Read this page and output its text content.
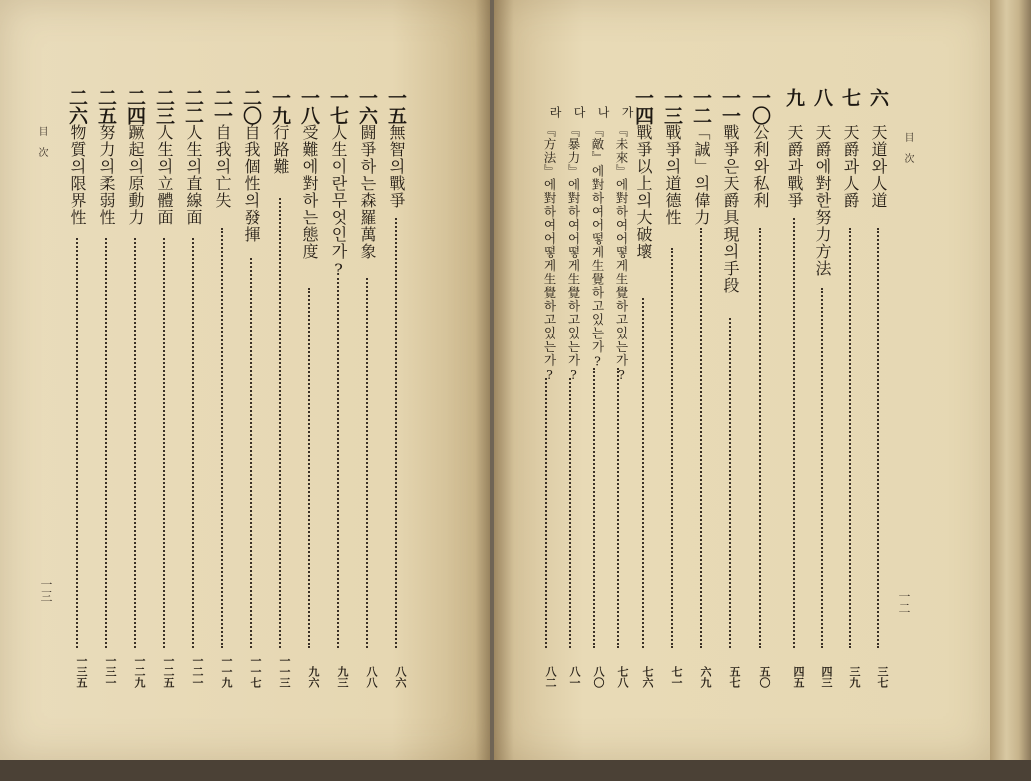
目 次
一三
一五
無智의戰爭
八六
一六
闘爭하는森羅萬象
八八
一七
人生이란무엇인가?
九三
一八
受難에對하는態度
九六
一九
行路難
一一三
二〇
自我個性의發揮
一一七
二一
自我의亡失
一一九
二二
人生의直線面
一二一
二三
人生의立體面
一二五
二四
蹶起의原動力
一二九
二五
努力의柔弱性
一三一
二六
物質의限界性
一三五
目 次
一二
六
天道와人道
三七
七
天爵과人爵
三九
八
天爵에對한努力方法
四三
九
天爵과戰爭
四五
一〇
公利와私利
五〇
一一
戰爭은天爵具現의手段
五七
一二
「誠」의偉力
六九
一三
戰爭의道德性
七一
一四
戰爭以上의大破壞
七六
가
『未來』에對하여어떻게生覺하고있는가?
七八
나
『敵』에對하여어떻게生覺하고있는가?
八〇
다
『暴力』에對하여어떻게生覺하고있는가?
八一
라
『方法』에對하여어떻게生覺하고있는가?
八二
